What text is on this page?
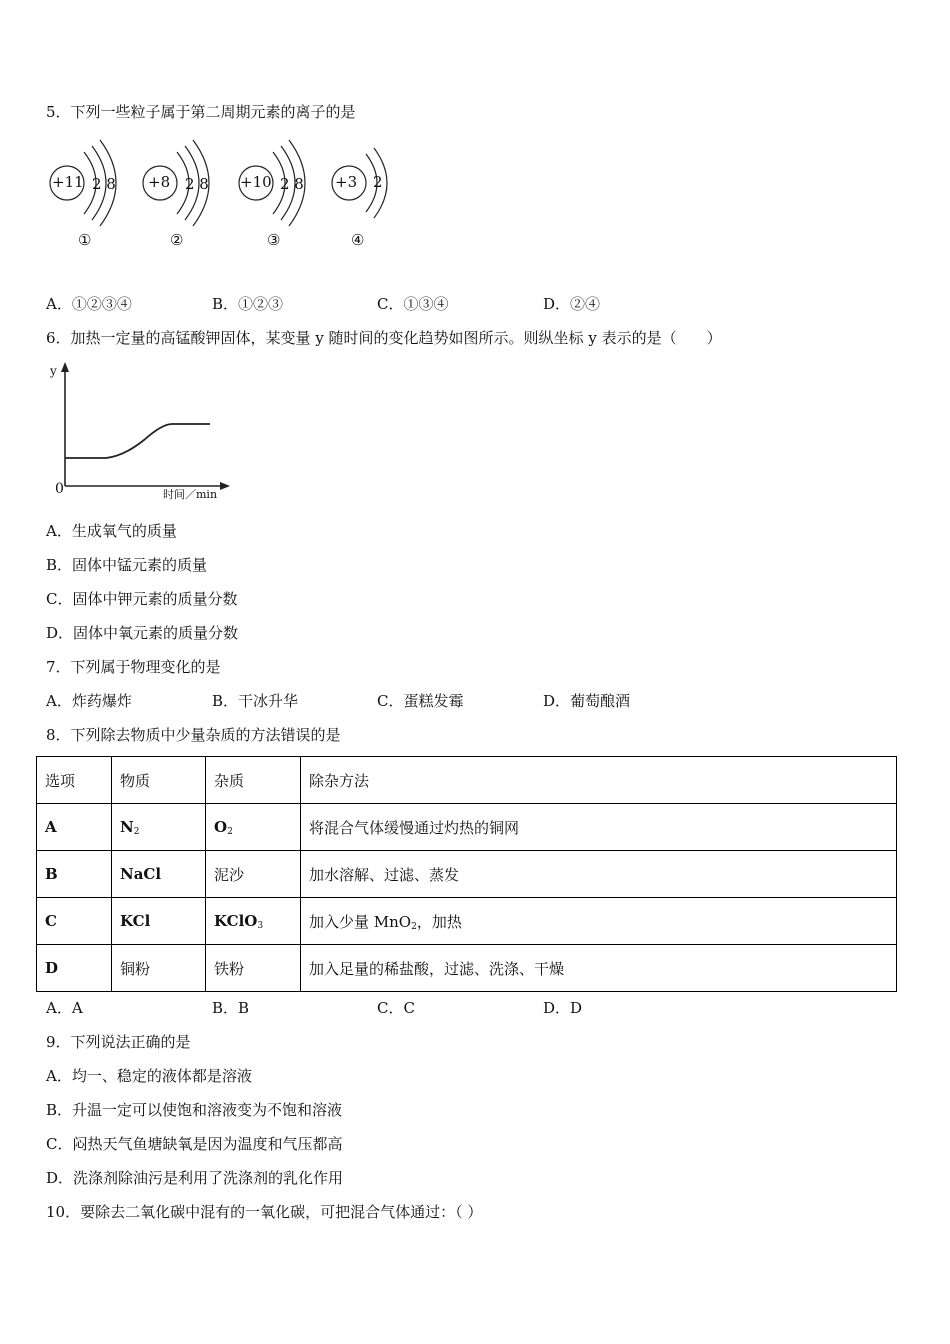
5．下列一些粒子属于第二周期元素的离子的是
+11 2 8
①
+8 2 8
②
+10 2 8
③
+3 2
④
A．①②③④	B．①②③	C．①③④	D．②④
6．加热一定量的高锰酸钾固体，某变量 y 随时间的变化趋势如图所示。则纵坐标 y 表示的是（　　）
y
0	时间／min
A．生成氧气的质量
B．固体中锰元素的质量
C．固体中钾元素的质量分数
D．固体中氧元素的质量分数
7．下列属于物理变化的是
A．炸药爆炸	B．干冰升华	C．蛋糕发霉	D．葡萄酿酒
8．下列除去物质中少量杂质的方法错误的是
选项	物质	杂质	除杂方法
A	$N_2$	$O_2$	将混合气体缓慢通过灼热的铜网
B	NaCl	泥沙	加水溶解、过滤、蒸发
C	KCl	KClO$_3$	加入少量 MnO$_2$，加热
D	铜粉	铁粉	加入足量的稀盐酸，过滤、洗涤、干燥
A．A	B．B	C．C	D．D
9．下列说法正确的是
A．均一、稳定的液体都是溶液
B．升温一定可以使饱和溶液变为不饱和溶液
C．闷热天气鱼塘缺氧是因为温度和气压都高
D．洗涤剂除油污是利用了洗涤剂的乳化作用
10．要除去二氧化碳中混有的一氧化碳，可把混合气体通过：（ ）
